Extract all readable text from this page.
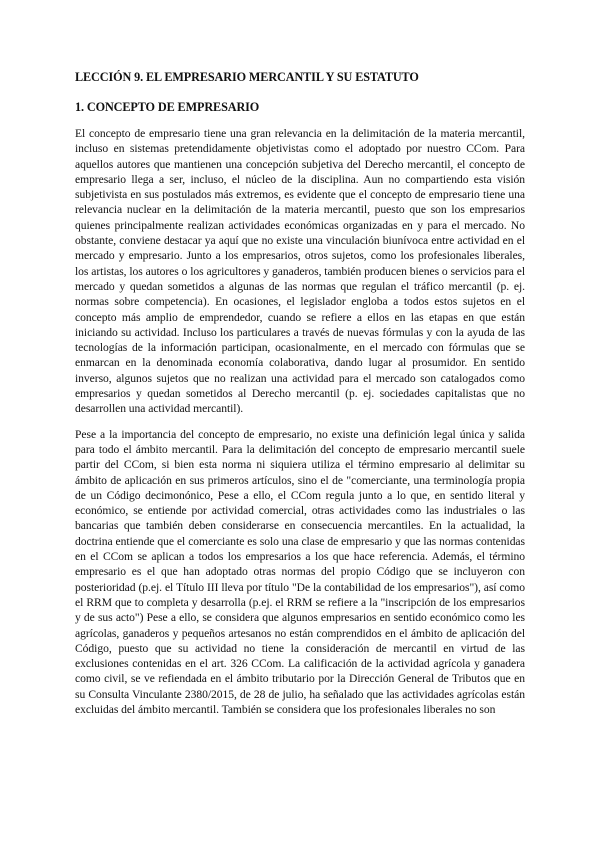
LECCIÓN 9. EL EMPRESARIO MERCANTIL Y SU ESTATUTO
1. CONCEPTO DE EMPRESARIO

El concepto de empresario tiene una gran relevancia en la delimitación de la materia mercantil, incluso en sistemas pretendidamente objetivistas como el adoptado por nuestro CCom. Para aquellos autores que mantienen una concepción subjetiva del Derecho mercantil, el concepto de empresario llega a ser, incluso, el núcleo de la disciplina. Aun no compartiendo esta visión subjetivista en sus postulados más extremos, es evidente que el concepto de empresario tiene una relevancia nuclear en la delimitación de la materia mercantil, puesto que son los empresarios quienes principalmente realizan actividades económicas organizadas en y para el mercado. No obstante, conviene destacar ya aquí que no existe una vinculación biunívoca entre actividad en el mercado y empresario. Junto a los empresarios, otros sujetos, como los profesionales liberales, los artistas, los autores o los agricultores y ganaderos, también producen bienes o servicios para el mercado y quedan sometidos a algunas de las normas que regulan el tráfico mercantil (p. ej. normas sobre competencia). En ocasiones, el legislador engloba a todos estos sujetos en el concepto más amplio de emprendedor, cuando se refiere a ellos en las etapas en que están iniciando su actividad. Incluso los particulares a través de nuevas fórmulas y con la ayuda de las tecnologías de la información participan, ocasionalmente, en el mercado con fórmulas que se enmarcan en la denominada economía colaborativa, dando lugar al prosumidor. En sentido inverso, algunos sujetos que no realizan una actividad para el mercado son catalogados como empresarios y quedan sometidos al Derecho mercantil (p. ej. sociedades capitalistas que no desarrollen una actividad mercantil).

Pese a la importancia del concepto de empresario, no existe una definición legal única y salida para todo el ámbito mercantil. Para la delimitación del concepto de empresario mercantil suele partir del CCom, si bien esta norma ni siquiera utiliza el término empresario al delimitar su ámbito de aplicación en sus primeros artículos, sino el de "comerciante, una terminología propia de un Código decimonónico, Pese a ello, el CCom regula junto a lo que, en sentido literal y económico, se entiende por actividad comercial, otras actividades como las industriales o las bancarias que también deben considerarse en consecuencia mercantiles. En la actualidad, la doctrina entiende que el comerciante es solo una clase de empresario y que las normas contenidas en el CCom se aplican a todos los empresarios a los que hace referencia. Además, el término empresario es el que han adoptado otras normas del propio Código que se incluyeron con posterioridad (p.ej. el Título III lleva por título "De la contabilidad de los empresarios"), así como el RRM que to completa y desarrolla (p.ej. el RRM se refiere a la "inscripción de los empresarios y de sus acto") Pese a ello, se considera que algunos empresarios en sentido económico como les agrícolas, ganaderos y pequeños artesanos no están comprendidos en el ámbito de aplicación del Código, puesto que su actividad no tiene la consideración de mercantil en virtud de las exclusiones contenidas en el art. 326 CCom. La calificación de la actividad agrícola y ganadera como civil, se ve refiendada en el ámbito tributario por la Dirección General de Tributos que en su Consulta Vinculante 2380/2015, de 28 de julio, ha señalado que las actividades agrícolas están excluidas del ámbito mercantil. También se considera que los profesionales liberales no son
